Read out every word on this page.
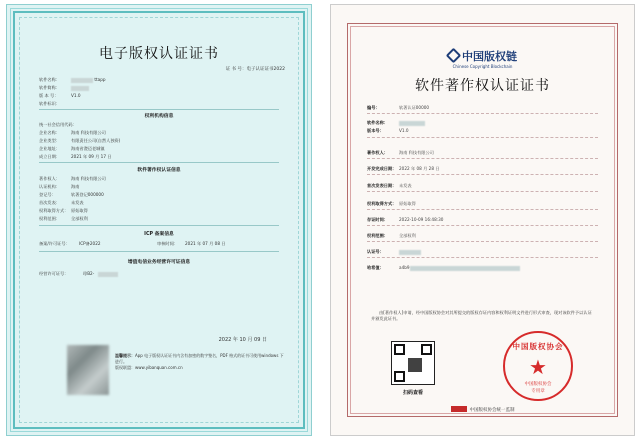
电子版权认证证书
证 书 号：电子认证证书2022
软件名称：	ttapp
软件简称：
版 本 号：	V1.0
软件标识：
权利机构信息
统一社会信用代码：
企业名称：	海南 科技有限公司
企业类型：	有限责任公司(自然人独资)
企业地址：	海南省澄迈老城镇
成立日期：	2021 年 09 月 17 日
软件著作权认证信息
著作权人：	海南 科技有限公司
认证机构：	海南
登记号：	软著登记000000
首次发表：	未发表
权利取得方式： 原始取得
权利范围：	全部权利
ICP 备案信息
备案/许可证号： ICP备2022	审核时间： 2021 年 07 月 08 日
增值电信业务经营许可证信息
经营许可证号：	琼B2-
2022 年 10 月 09 日
温馨提示：App 电子版权认证证书内含有加密的数字签名，PDF 格式的证书可使用windows 下进行。
版权联盟：www.yibanquan.com.cn
中国版权链
Chinese Copyright Blockchain
软件著作权认证证书
编号：	软著认证00000
软件名称：
版本号：	V1.0
著作权人：	海南 科技有限公司
开发完成日期： 2022 年 08 月 28 日
首次发表日期： 未发表
权利取得方式： 原始取得
存证时间：	2022-10-09 16:48:30
权利范围：	全部权利
认证号：
哈希值：	a4b9
由[著作权人]申请，经中国版权协会对其所提交的版权存证内容和权利证明文件进行形式审查，现对该软件予以认证并颁发此证书。
扫码查看
中国版权协会
★
中国版权协会
专用章
中国版权协会统一监制
